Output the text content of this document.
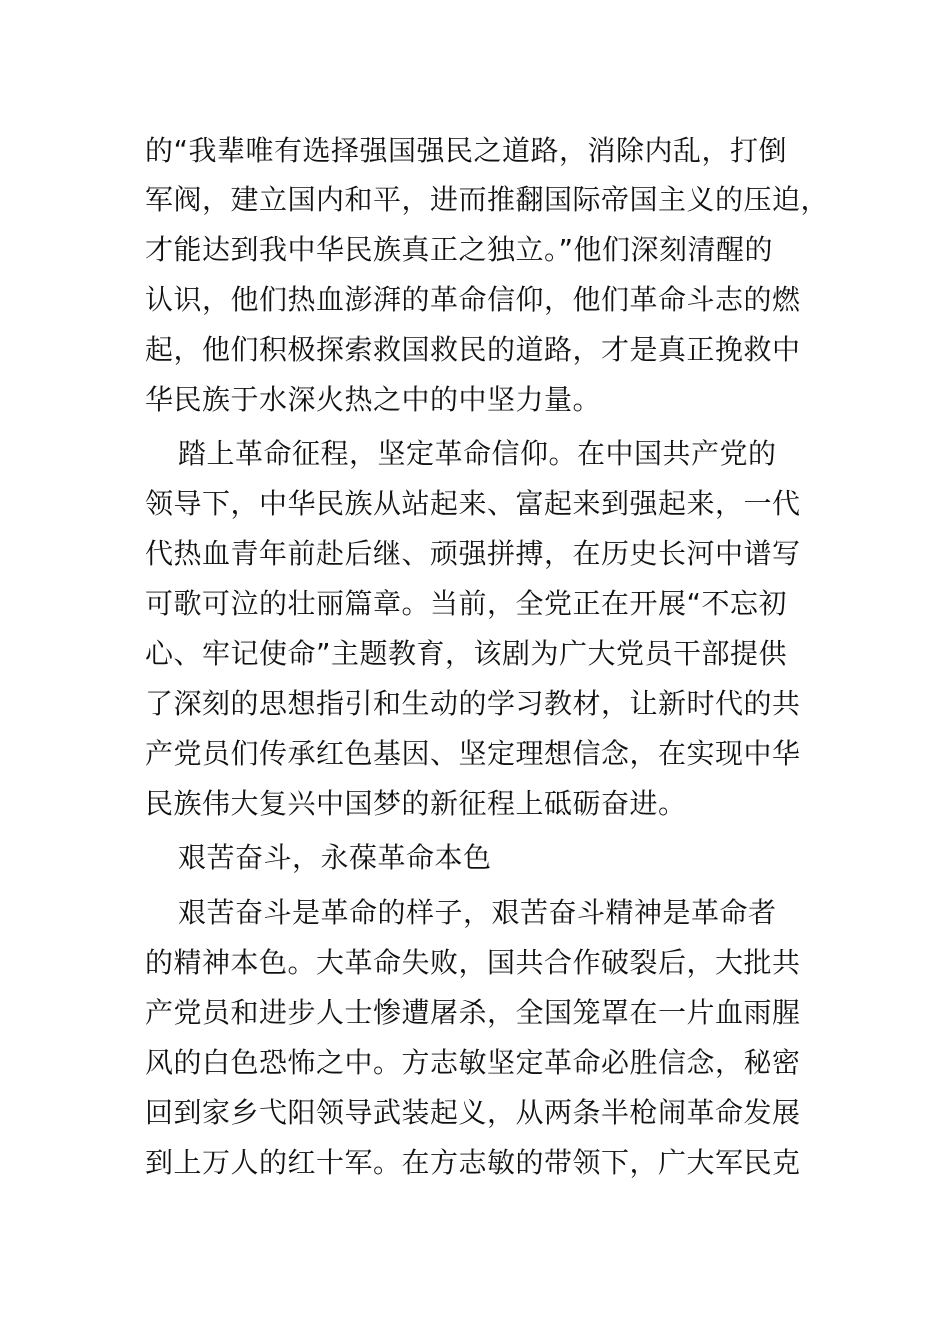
的“我辈唯有选择强国强民之道路，消除内乱，打倒
军阀，建立国内和平，进而推翻国际帝国主义的压迫，
才能达到我中华民族真正之独立。”他们深刻清醒的
认识，他们热血澎湃的革命信仰，他们革命斗志的燃
起，他们积极探索救国救民的道路，才是真正挽救中
华民族于水深火热之中的中坚力量。
踏上革命征程，坚定革命信仰。在中国共产党的
领导下，中华民族从站起来、富起来到强起来，一代
代热血青年前赴后继、顽强拼搏，在历史长河中谱写
可歌可泣的壮丽篇章。当前，全党正在开展“不忘初
心、牢记使命”主题教育，该剧为广大党员干部提供
了深刻的思想指引和生动的学习教材，让新时代的共
产党员们传承红色基因、坚定理想信念，在实现中华
民族伟大复兴中国梦的新征程上砥砺奋进。
艰苦奋斗，永葆革命本色
艰苦奋斗是革命的样子，艰苦奋斗精神是革命者
的精神本色。大革命失败，国共合作破裂后，大批共
产党员和进步人士惨遭屠杀，全国笼罩在一片血雨腥
风的白色恐怖之中。方志敏坚定革命必胜信念，秘密
回到家乡弋阳领导武装起义，从两条半枪闹革命发展
到上万人的红十军。在方志敏的带领下，广大军民克
